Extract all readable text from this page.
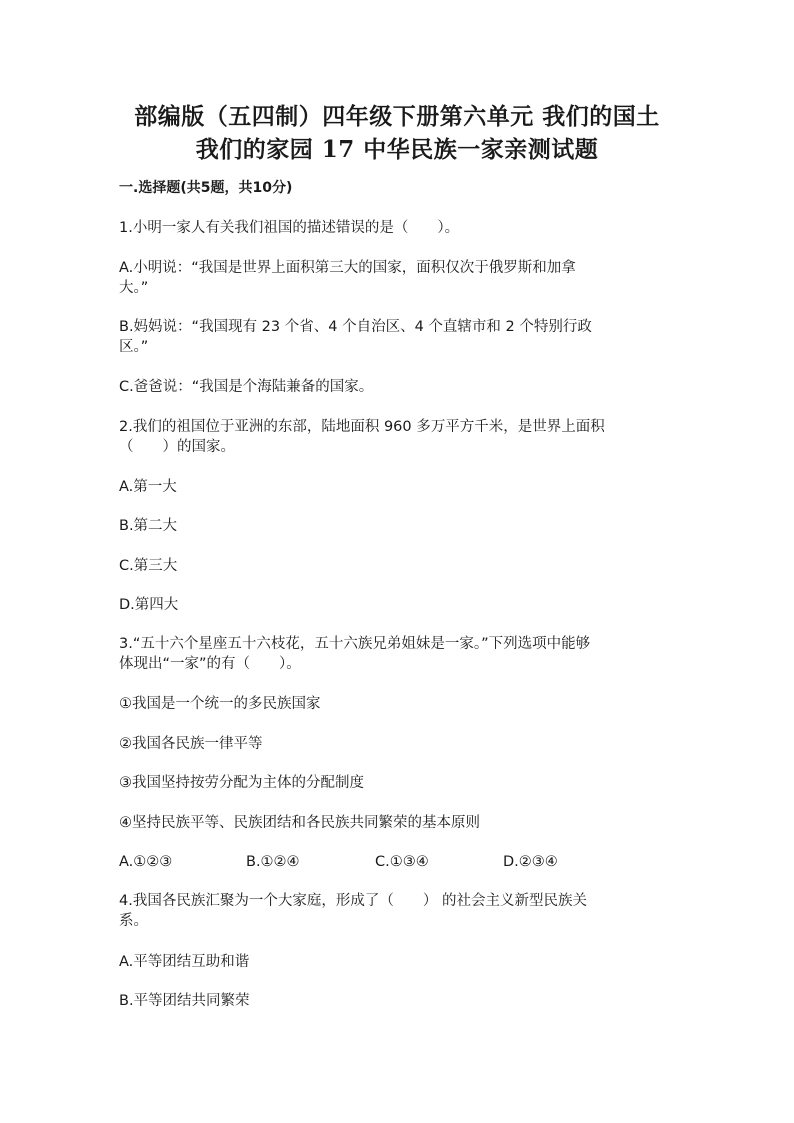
部编版（五四制）四年级下册第六单元 我们的国土
我们的家园 17 中华民族一家亲测试题
一.选择题(共5题，共10分)
1.小明一家人有关我们祖国的描述错误的是（　　）。
A.小明说：“我国是世界上面积第三大的国家，面积仅次于俄罗斯和加拿
大。”
B.妈妈说：“我国现有 23 个省、4 个自治区、4 个直辖市和 2 个特别行政
区。”
C.爸爸说：“我国是个海陆兼备的国家。
2.我们的祖国位于亚洲的东部，陆地面积 960 多万平方千米，是世界上面积
（　　）的国家。
A.第一大
B.第二大
C.第三大
D.第四大
3.“五十六个星座五十六枝花，五十六族兄弟姐妹是一家。”下列选项中能够
体现出“一家”的有（　　）。
①我国是一个统一的多民族国家
②我国各民族一律平等
③我国坚持按劳分配为主体的分配制度
④坚持民族平等、民族团结和各民族共同繁荣的基本原则
A.①②③	B.①②④	C.①③④	D.②③④
4.我国各民族汇聚为一个大家庭，形成了（　　） 的社会主义新型民族关
系。
A.平等团结互助和谐
B.平等团结共同繁荣
